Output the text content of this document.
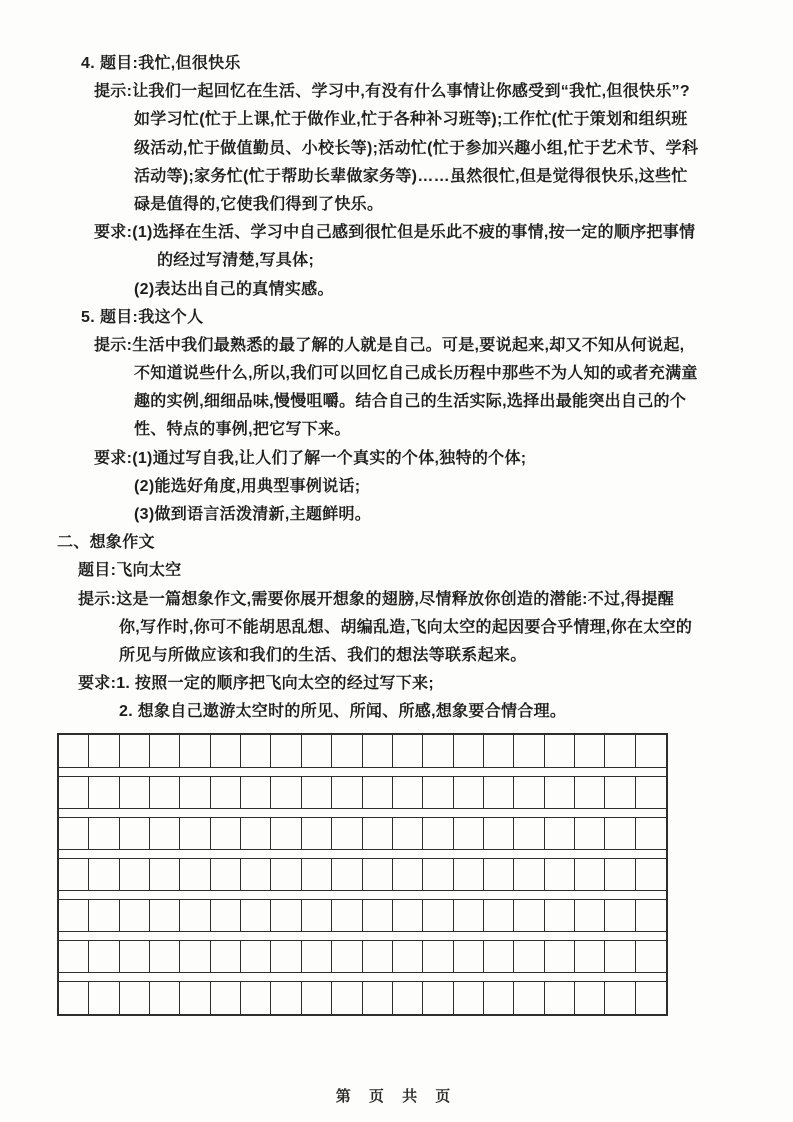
4. 题目:我忙,但很快乐
提示:让我们一起回忆在生活、学习中,有没有什么事情让你感受到“我忙,但很快乐”?
如学习忙(忙于上课,忙于做作业,忙于各种补习班等);工作忙(忙于策划和组织班
级活动,忙于做值勤员、小校长等);活动忙(忙于参加兴趣小组,忙于艺术节、学科
活动等);家务忙(忙于帮助长辈做家务等)……虽然很忙,但是觉得很快乐,这些忙
碌是值得的,它使我们得到了快乐。
要求:(1)选择在生活、学习中自己感到很忙但是乐此不疲的事情,按一定的顺序把事情
的经过写清楚,写具体;
(2)表达出自己的真情实感。
5. 题目:我这个人
提示:生活中我们最熟悉的最了解的人就是自己。可是,要说起来,却又不知从何说起,
不知道说些什么,所以,我们可以回忆自己成长历程中那些不为人知的或者充满童
趣的实例,细细品味,慢慢咀嚼。结合自己的生活实际,选择出最能突出自己的个
性、特点的事例,把它写下来。
要求:(1)通过写自我,让人们了解一个真实的个体,独特的个体;
(2)能选好角度,用典型事例说话;
(3)做到语言活泼清新,主题鲜明。
二、想象作文
题目:飞向太空
提示:这是一篇想象作文,需要你展开想象的翅膀,尽情释放你创造的潜能:不过,得提醒
你,写作时,你可不能胡思乱想、胡编乱造,飞向太空的起因要合乎情理,你在太空的
所见与所做应该和我们的生活、我们的想法等联系起来。
要求:1. 按照一定的顺序把飞向太空的经过写下来;
2. 想象自己遨游太空时的所见、所闻、所感,想象要合情合理。
第 页 共 页
